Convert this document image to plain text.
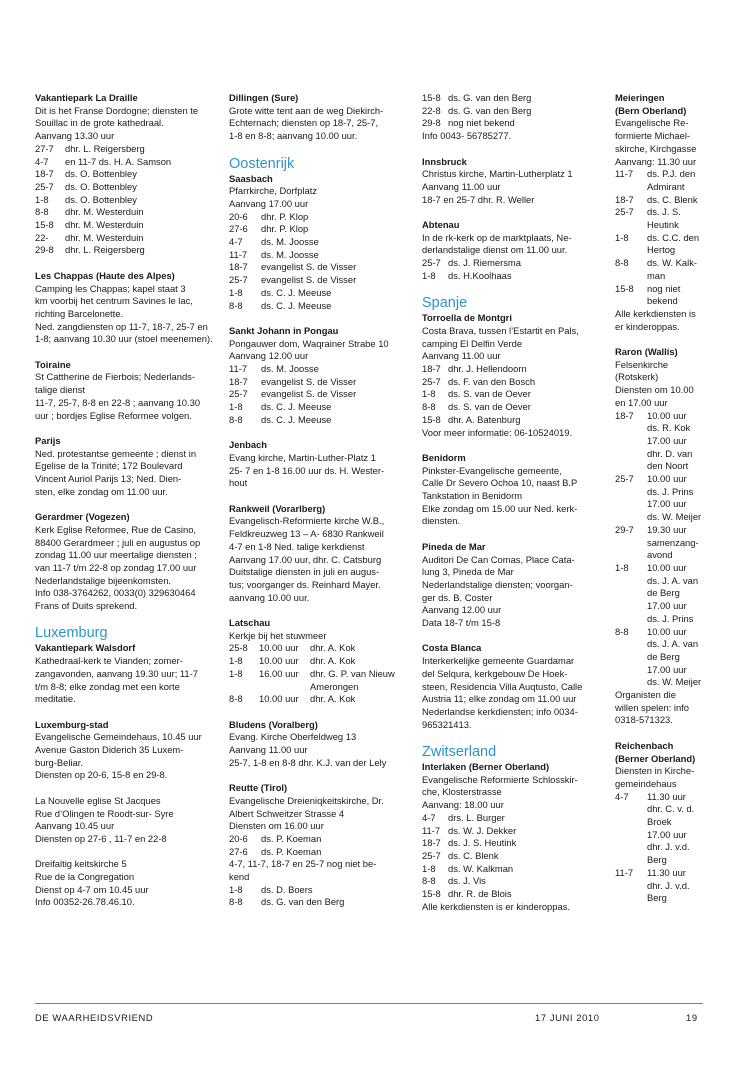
Vakantiepark La Draille
Dit is het Franse Dordogne; diensten te
Souillac in de grote kathedraal.
Aanvang 13.30 uur
27-7	dhr. L. Reigersberg
4-7	en 11-7 ds. H. A. Samson
18-7	ds. O. Bottenbley
25-7	ds. O. Bottenbley
1-8	ds. O. Bottenbley
8-8	dhr. M. Westerduin
15-8	dhr. M. Westerduin
22-	dhr. M. Westerduin
29-8	dhr. L. Reigersberg
Les Chappas (Haute des Alpes)
Camping les Chappas; kapel staat 3
km voorbij het centrum Savines le lac,
richting Barcelonette.
Ned. zangdiensten op 11-7, 18-7, 25-7 en
1-8; aanvang 10.30 uur (stoel meenemen).
Toiraine
St Cattherine de Fierbois; Nederlands-
talige dienst
11-7, 25-7, 8-8 en 22-8 ; aanvang 10.30
uur ; bordjes Eglise Reformee volgen.
Parijs
Ned. protestantse gemeente ; dienst in
Egelise de la Trinité; 172 Boulevard
Vincent Auriol Parijs 13; Ned. Dien-
sten, elke zondag om 11.00 uur.
Gerardmer (Vogezen)
Kerk Eglise Reformee, Rue de Casino,
88400 Gerardmeer ; juli en augustus op
zondag 11.00 uur meertalige diensten ;
van 11-7 t/m 22-8 op zondag 17.00 uur
Nederlandstalige bijeenkomsten.
Info 038-3764262, 0033(0) 329630464
Frans of Duits sprekend.
Luxemburg
Vakantiepark Walsdorf
Kathedraal-kerk te Vianden; zomer-
zangavonden, aanvang 19.30 uur; 11-7
t/m 8-8; elke zondag met een korte
meditatie.
Luxemburg-stad
Evangelische Gemeindehaus, 10.45 uur
Avenue Gaston Diderich 35 Luxem-
burg-Beliar.
Diensten op 20-6, 15-8 en 29-8.
La Nouvelle eglise St Jacques
Rue d’Olingen te Roodt-sur- Syre
Aanvang 10.45 uur
Diensten op 27-6 , 11-7 en 22-8
Dreifaltig keitskirche 5
Rue de la Congregation
Dienst op 4-7 om 10.45 uur
Info 00352-26.78.46.10.
Dillingen (Sure)
Grote witte tent aan de weg Diekirch-
Echternach; diensten op 18-7, 25-7,
1-8 en 8-8; aanvang 10.00 uur.
Oostenrijk
Saasbach
Pfarrkirche, Dorfplatz
Aanvang 17.00 uur
20-6	dhr. P. Klop
27-6	dhr. P. Klop
4-7	ds. M. Joosse
11-7	ds. M. Joosse
18-7	evangelist S. de Visser
25-7	evangelist S. de Visser
1-8	ds. C. J. Meeuse
8-8	ds. C. J. Meeuse
Sankt Johann in Pongau
Pongauwer dom, Waqrainer Strabe 10
Aanvang 12.00 uur
11-7	ds. M. Joosse
18-7	evangelist S. de Visser
25-7	evangelist S. de Visser
1-8	ds. C. J. Meeuse
8-8	ds. C. J. Meeuse
Jenbach
Evang kirche, Martin-Luther-Platz 1
25- 7 en 1-8 16.00 uur ds. H. Wester-
hout
Rankweil (Vorarlberg)
Evangelisch-Reformierte kirche W.B.,
Feldkreuzweg 13 – A- 6830 Rankweil
4-7 en 1-8 Ned. talige kerkdienst
Aanvang 17.00 uur, dhr. C. Catsburg
Duitstalige diensten in juli en augus-
tus; voorganger ds. Reinhard Mayer.
aanvang 10.00 uur.
Latschau
Kerkje bij het stuwmeer
25-8	10.00 uur	dhr. A. Kok
1-8	10.00 uur	dhr. A. Kok
1-8	16.00 uur	dhr. G. P. van Nieuw
Amerongen
8-8	10.00 uur	dhr. A. Kok
Bludens (Voralberg)
Evang. Kirche Oberfeldweg 13
Aanvang 11.00 uur
25-7, 1-8 en 8-8 dhr. K.J. van der Lely
Reutte (Tirol)
Evangelische Dreieniqkeitskirche, Dr.
Albert Schweitzer Strasse 4
Diensten om 16.00 uur
20-6	ds. P. Koeman
27-6	ds. P. Koeman
4-7, 11-7, 18-7 en 25-7 nog niet be-
kend
1-8	ds. D. Boers
8-8	ds. G. van den Berg
15-8 ds. G. van den Berg
22-8 ds. G. van den Berg
29-8 nog niet bekend
Info 0043- 56785277.
Innsbruck
Christus kirche, Martin-Lutherplatz 1
Aanvang 11.00 uur
18-7 en 25-7 dhr. R. Weller
Abtenau
In de rk-kerk op de marktplaats, Ne-
derlandstalige dienst om 11.00 uur.
25-7 ds. J. Riemersma
1-8	ds. H.Koolhaas
Spanje
Torroella de Montgri
Costa Brava, tussen l’Estartit en Pals,
camping El Delfin Verde
Aanvang 11.00 uur
18-7 dhr. J. Hellendoorn
25-7 ds. F. van den Bosch
1-8	ds. S. van de Oever
8-8	ds. S. van de Oever
15-8 dhr. A. Batenburg
Voor meer informatie: 06-10524019.
Benidorm
Pinkster-Evangelische gemeente,
Calle Dr Severo Ochoa 10, naast B.P
Tankstation in Benidorm
Elke zondag om 15.00 uur Ned. kerk-
diensten.
Pineda de Mar
Auditori De Can Comas, Place Cata-
lung 3, Pineda de Mar
Nederlandstalige diensten; voorgan-
ger ds. B. Coster
Aanvang 12.00 uur
Data 18-7 t/m 15-8
Costa Blanca
Interkerkelijke gemeente Guardamar
del Selqura, kerkgebouw De Hoek-
steen, Residencia Villa Auqtusto, Calle
Austria 11; elke zondag om 11.00 uur
Nederlandse kerkdiensten; info 0034-
965321413.
Zwitserland
Interlaken (Berner Oberland)
Evangelische Reformierte Schlosskir-
che, Klosterstrasse
Aanvang: 18.00 uur
4-7	drs. L. Burger
11-7 ds. W. J. Dekker
18-7 ds. J. S. Heutink
25-7 ds. C. Blenk
1-8	ds. W. Kalkman
8-8	ds. J. Vis
15-8 dhr. R. de Blois
Alle kerkdiensten is er kinderoppas.
Meieringen
(Bern Oberland)
Evangelische Re-
formierte Michael-
skirche, Kirchgasse
Aanvang: 11.30 uur
11-7	ds. P.J. den
Admirant
18-7	ds. C. Blenk
25-7	ds. J. S.
Heutink
1-8	ds. C.C. den
Hertog
8-8	ds. W. Kalk-
man
15-8	nog niet
bekend
Alle kerkdiensten is
er kinderoppas.
Raron (Wallis)
Felsenkirche
(Rotskerk)
Diensten om 10.00
en 17.00 uur
18-7	10.00 uur
ds. R. Kok
17.00 uur
dhr. D. van
den Noort
25-7	10.00 uur
ds. J. Prins
17.00 uur
ds. W. Meijer
29-7	19.30 uur
samenzang-
avond
1-8	10.00 uur
ds. J. A. van
de Berg
17.00 uur
ds. J. Prins
8-8	10.00 uur
ds. J. A. van
de Berg
17.00 uur
ds. W. Meijer
Organisten die
willen spelen: info
0318-571323.
Reichenbach
(Berner Oberland)
Diensten in Kirche-
gemeindehaus
4-7	11.30 uur
dhr. C. v. d.
Broek
17.00 uur
dhr. J. v.d.
Berg
11-7	11.30 uur
dhr. J. v.d.
Berg
DE WAARHEIDSVRIEND	17 JUNI 2010	19
